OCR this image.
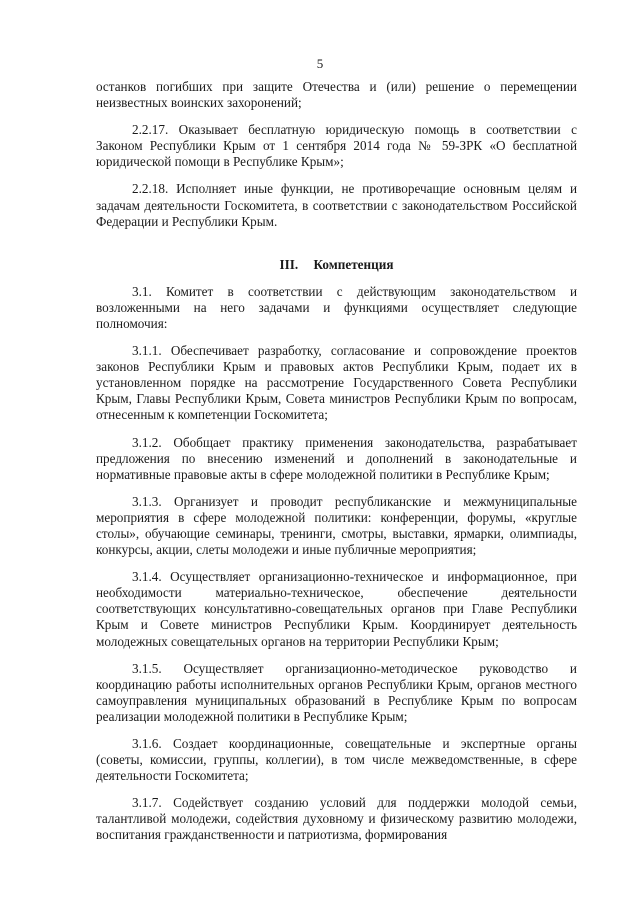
5

останков погибших при защите Отечества и (или) решение о перемещении неизвестных воинских захоронений;

2.2.17. Оказывает бесплатную юридическую помощь в соответствии с Законом Республики Крым от 1 сентября 2014 года № 59-ЗРК «О бесплатной юридической помощи в Республике Крым»;

2.2.18. Исполняет иные функции, не противоречащие основным целям и задачам деятельности Госкомитета, в соответствии с законодательством Российской Федерации и Республики Крым.

III. Компетенция

3.1. Комитет в соответствии с действующим законодательством и возложенными на него задачами и функциями осуществляет следующие полномочия:

3.1.1. Обеспечивает разработку, согласование и сопровождение проектов законов Республики Крым и правовых актов Республики Крым, подает их в установленном порядке на рассмотрение Государственного Совета Республики Крым, Главы Республики Крым, Совета министров Республики Крым по вопросам, отнесенным к компетенции Госкомитета;

3.1.2. Обобщает практику применения законодательства, разрабатывает предложения по внесению изменений и дополнений в законодательные и нормативные правовые акты в сфере молодежной политики в Республике Крым;

3.1.3. Организует и проводит республиканские и межмуниципальные мероприятия в сфере молодежной политики: конференции, форумы, «круглые столы», обучающие семинары, тренинги, смотры, выставки, ярмарки, олимпиады, конкурсы, акции, слеты молодежи и иные публичные мероприятия;

3.1.4. Осуществляет организационно-техническое и информационное, при необходимости материально-техническое, обеспечение деятельности соответствующих консультативно-совещательных органов при Главе Республики Крым и Совете министров Республики Крым. Координирует деятельность молодежных совещательных органов на территории Республики Крым;

3.1.5. Осуществляет организационно-методическое руководство и координацию работы исполнительных органов Республики Крым, органов местного самоуправления муниципальных образований в Республике Крым по вопросам реализации молодежной политики в Республике Крым;

3.1.6. Создает координационные, совещательные и экспертные органы (советы, комиссии, группы, коллегии), в том числе межведомственные, в сфере деятельности Госкомитета;

3.1.7. Содействует созданию условий для поддержки молодой семьи, талантливой молодежи, содействия духовному и физическому развитию молодежи, воспитания гражданственности и патриотизма, формирования
